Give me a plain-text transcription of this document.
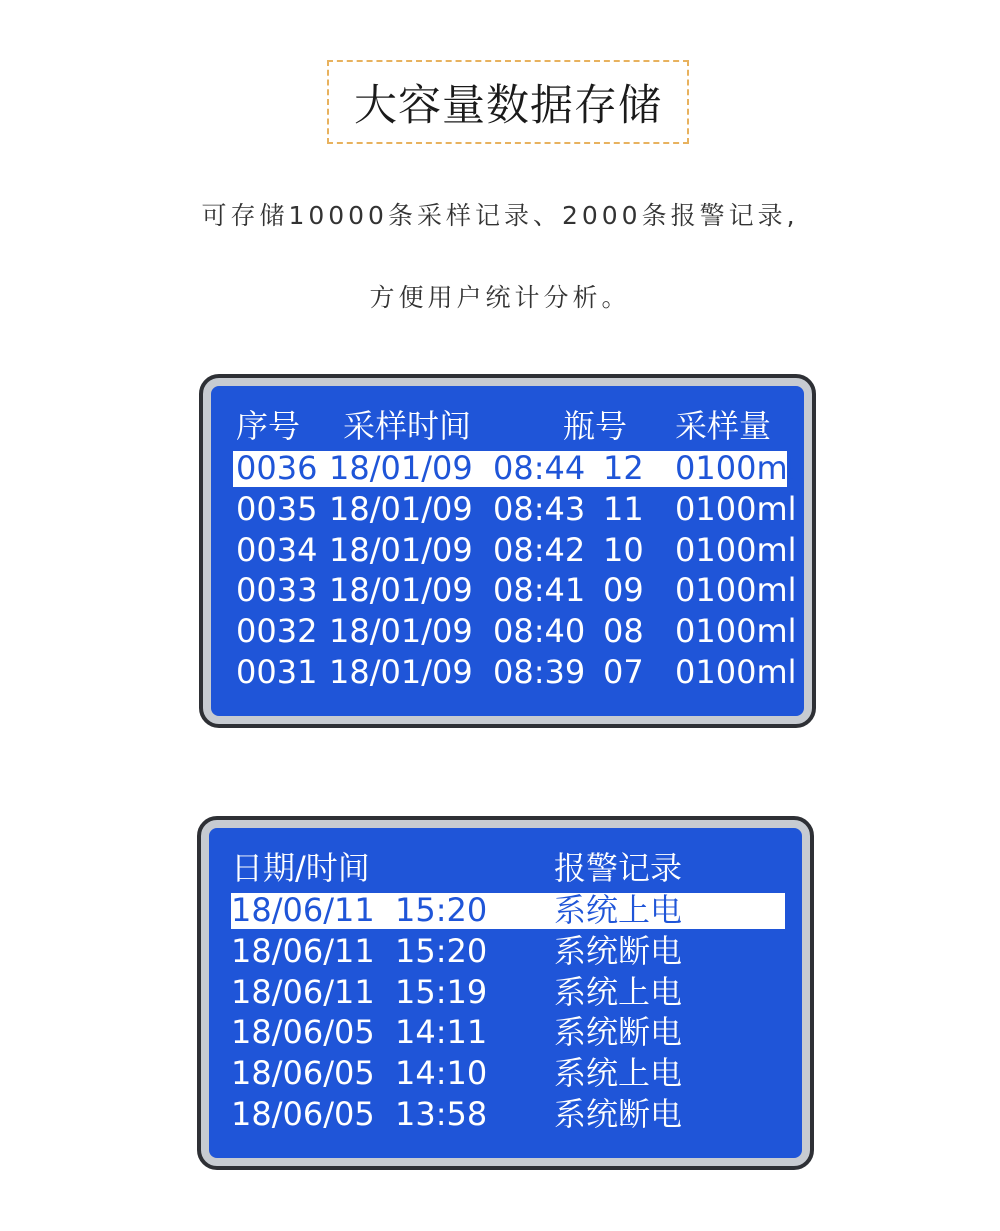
大容量数据存储
可存储10000条采样记录、2000条报警记录,
方便用户统计分析。
序号 采样时间	瓶号 采样量
0036 18/01/09 08:44 12 0100ml
0035 18/01/09 08:43 11 0100ml
0034 18/01/09 08:42 10 0100ml
0033 18/01/09 08:41 09 0100ml
0032 18/01/09 08:40 08 0100ml
0031 18/01/09 08:39 07 0100ml
日期/时间	报警记录
18/06/11 15:20 系统上电
18/06/11 15:20 系统断电
18/06/11 15:19 系统上电
18/06/05 14:11 系统断电
18/06/05 14:10 系统上电
18/06/05 13:58 系统断电
